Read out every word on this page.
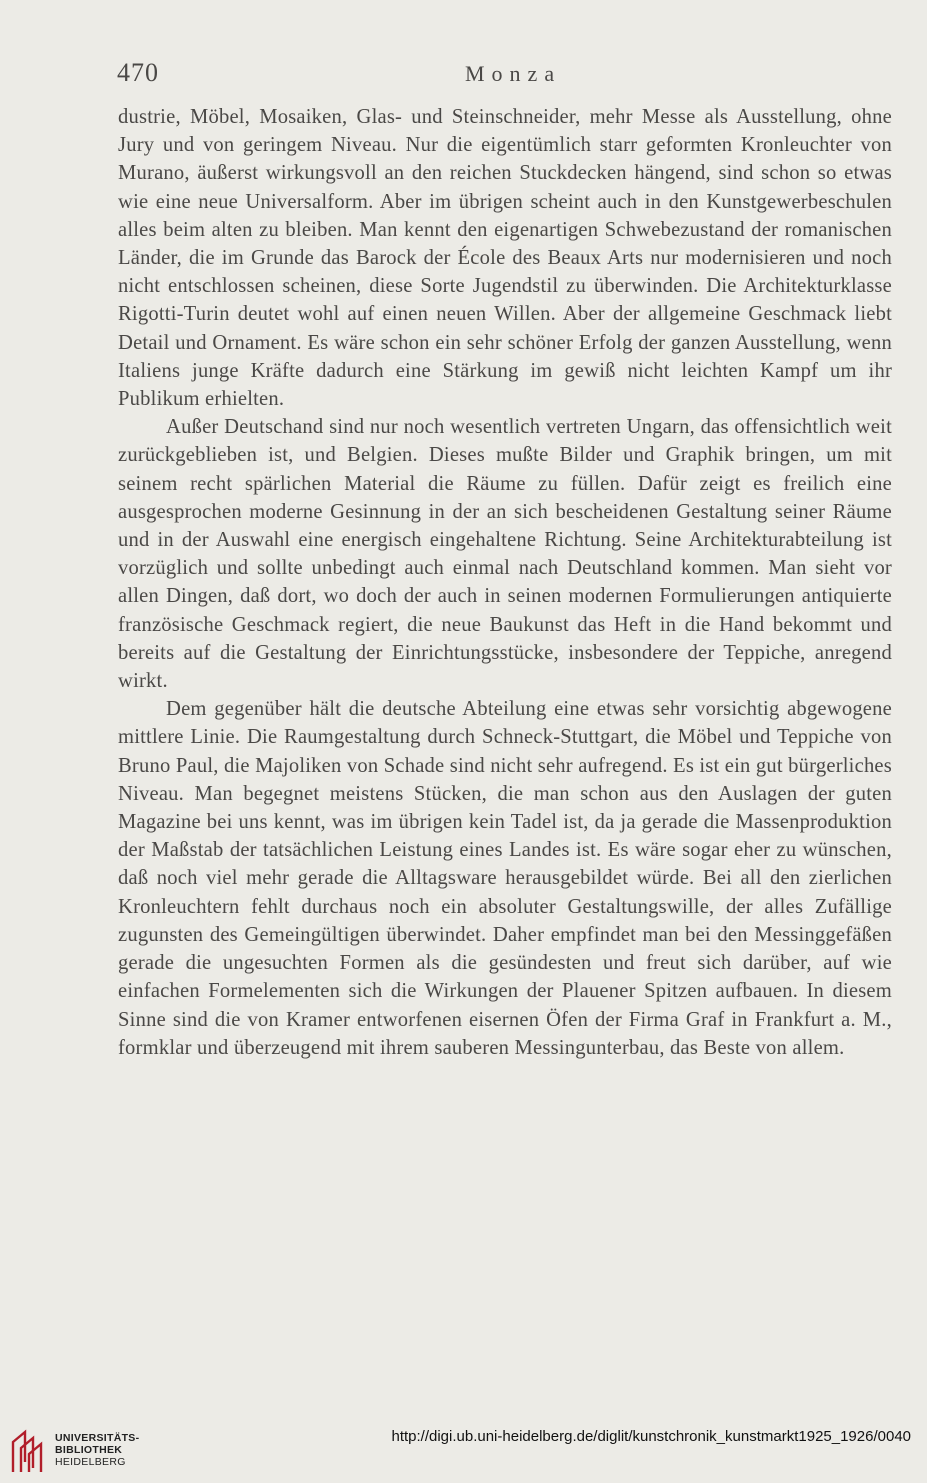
470	Monza

dustrie, Möbel, Mosaiken, Glas- und Steinschneider, mehr Messe als Ausstellung, ohne Jury und von geringem Niveau. Nur die eigentümlich starr geformten Kronleuchter von Murano, äußerst wirkungsvoll an den reichen Stuckdecken hängend, sind schon so etwas wie eine neue Universalform. Aber im übrigen scheint auch in den Kunstgewerbeschulen alles beim alten zu bleiben. Man kennt den eigenartigen Schwebezustand der romanischen Länder, die im Grunde das Barock der École des Beaux Arts nur modernisieren und noch nicht entschlossen scheinen, diese Sorte Jugendstil zu überwinden. Die Architekturklasse Rigotti-Turin deutet wohl auf einen neuen Willen. Aber der allgemeine Geschmack liebt Detail und Ornament. Es wäre schon ein sehr schöner Erfolg der ganzen Ausstellung, wenn Italiens junge Kräfte dadurch eine Stärkung im gewiß nicht leichten Kampf um ihr Publikum erhielten.

Außer Deutschand sind nur noch wesentlich vertreten Ungarn, das offensichtlich weit zurückgeblieben ist, und Belgien. Dieses mußte Bilder und Graphik bringen, um mit seinem recht spärlichen Material die Räume zu füllen. Dafür zeigt es freilich eine ausgesprochen moderne Gesinnung in der an sich bescheidenen Gestaltung seiner Räume und in der Auswahl eine energisch eingehaltene Richtung. Seine Architekturabteilung ist vorzüglich und sollte unbedingt auch einmal nach Deutschland kommen. Man sieht vor allen Dingen, daß dort, wo doch der auch in seinen modernen Formulierungen antiquierte französische Geschmack regiert, die neue Baukunst das Heft in die Hand bekommt und bereits auf die Gestaltung der Einrichtungsstücke, insbesondere der Teppiche, anregend wirkt.

Dem gegenüber hält die deutsche Abteilung eine etwas sehr vorsichtig abgewogene mittlere Linie. Die Raumgestaltung durch Schneck-Stuttgart, die Möbel und Teppiche von Bruno Paul, die Majoliken von Schade sind nicht sehr aufregend. Es ist ein gut bürgerliches Niveau. Man begegnet meistens Stücken, die man schon aus den Auslagen der guten Magazine bei uns kennt, was im übrigen kein Tadel ist, da ja gerade die Massenproduktion der Maßstab der tatsächlichen Leistung eines Landes ist. Es wäre sogar eher zu wünschen, daß noch viel mehr gerade die Alltagsware herausgebildet würde. Bei all den zierlichen Kronleuchtern fehlt durchaus noch ein absoluter Gestaltungswille, der alles Zufällige zugunsten des Gemeingültigen überwindet. Daher empfindet man bei den Messinggefäßen gerade die ungesuchten Formen als die gesündesten und freut sich darüber, auf wie einfachen Formelementen sich die Wirkungen der Plauener Spitzen aufbauen. In diesem Sinne sind die von Kramer entworfenen eisernen Öfen der Firma Graf in Frankfurt a. M., formklar und überzeugend mit ihrem sauberen Messingunterbau, das Beste von allem.

UNIVERSITÄTS-
BIBLIOTHEK
HEIDELBERG
http://digi.ub.uni-heidelberg.de/diglit/kunstchronik_kunstmarkt1925_1926/0040
